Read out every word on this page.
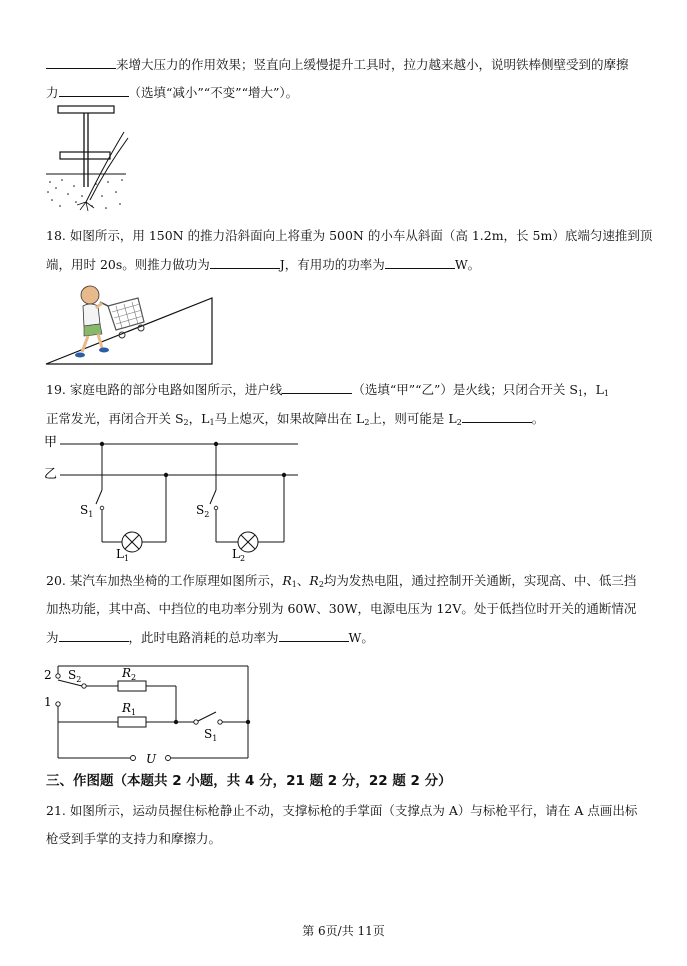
来增大压力的作用效果；竖直向上缓慢提升工具时，拉力越来越小，说明铁棒侧壁受到的摩擦
力	（选填“减小”“不变”“增大”）。
18. 如图所示，用 150N 的推力沿斜面向上将重为 500N 的小车从斜面（高 1.2m，长 5m）底端匀速推到顶
端，用时 20s。则推力做功为	J，有用功的功率为	W。
19. 家庭电路的部分电路如图所示，进户线	（选填“甲”“乙”）是火线；只闭合开关 $S_1$，$L_1$
正常发光，再闭合开关 $S_2$，$L_1$马上熄灭，如果故障出在 $L_2$上，则可能是 $L_2$	。
甲
乙
$S_1$
$L_1$
$S_2$
$L_2$
20. 某汽车加热坐椅的工作原理如图所示，$R_1$、$R_2$均为发热电阻，通过控制开关通断，实现高、中、低三挡
加热功能，其中高、中挡位的电功率分别为 60W、30W，电源电压为 12V。处于低挡位时开关的通断情况
为	，此时电路消耗的总功率为	W。
2
1
$S_2$	$R_2$
$R_1$
$S_1$
U
三、作图题（本题共 2 小题，共 4 分，21 题 2 分，22 题 2 分）
21. 如图所示，运动员握住标枪静止不动，支撑标枪的手掌面（支撑点为 A）与标枪平行，请在 A 点画出标
枪受到手掌的支持力和摩擦力。
第 6页/共 11页
